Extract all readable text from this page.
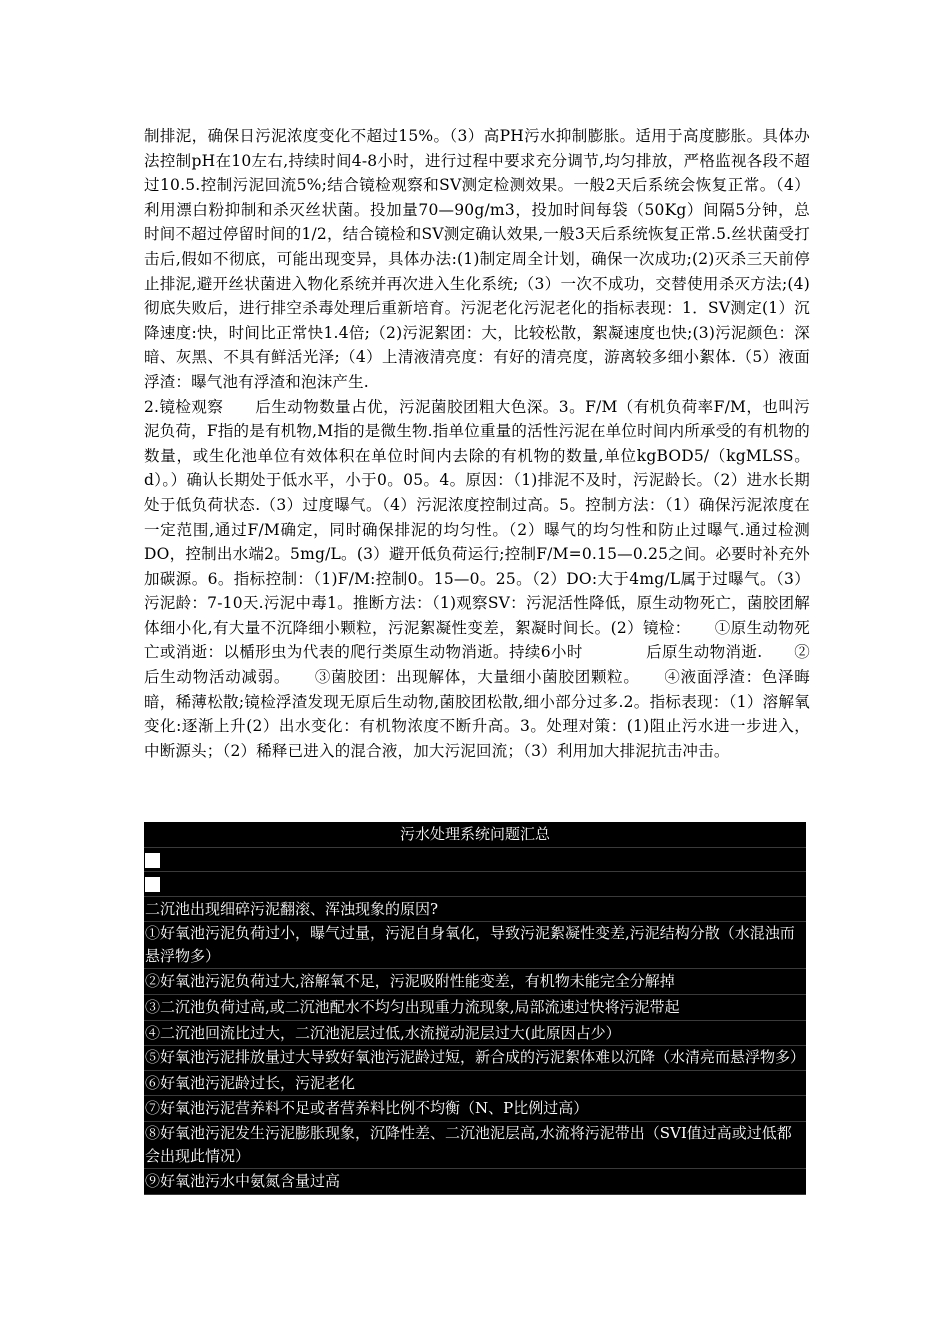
制排泥，确保日污泥浓度变化不超过15%。（3）高PH污水抑制膨胀。适用于高度膨胀。具体办法控制pH在10左右,持续时间4-8小时，进行过程中要求充分调节,均匀排放，严格监视各段不超过10.5.控制污泥回流5%;结合镜检观察和SV测定检测效果。一般2天后系统会恢复正常。（4）利用漂白粉抑制和杀灭丝状菌。投加量70—90g/m3，投加时间每袋（50Kg）间隔5分钟，总时间不超过停留时间的1/2，结合镜检和SV测定确认效果,一般3天后系统恢复正常.5.丝状菌受打击后,假如不彻底，可能出现变异，具体办法:(1)制定周全计划，确保一次成功;(2)灭杀三天前停止排泥,避开丝状菌进入物化系统并再次进入生化系统;（3）一次不成功，交替使用杀灭方法;(4)彻底失败后，进行排空杀毒处理后重新培育。污泥老化污泥老化的指标表现：1．SV测定(1）沉降速度:快，时间比正常快1.4倍;（2)污泥絮团：大，比较松散，絮凝速度也快;(3)污泥颜色：深暗、灰黑、不具有鲜活光泽;（4）上清液清亮度：有好的清亮度，游离较多细小絮体.（5）液面浮渣：曝气池有浮渣和泡沫产生.

2.镜检观察　　后生动物数量占优，污泥菌胶团粗大色深。3。F/M（有机负荷率F/M，也叫污泥负荷，F指的是有机物,M指的是微生物.指单位重量的活性污泥在单位时间内所承受的有机物的数量，或生化池单位有效体积在单位时间内去除的有机物的数量,单位kgBOD5/（kgMLSS。d）。）确认长期处于低水平，小于0。05。4。原因：（1)排泥不及时，污泥龄长。（2）进水长期处于低负荷状态.（3）过度曝气。（4）污泥浓度控制过高。5。控制方法：（1）确保污泥浓度在一定范围,通过F/M确定，同时确保排泥的均匀性。（2）曝气的均匀性和防止过曝气.通过检测DO，控制出水端2。5mg/L。(3）避开低负荷运行;控制F/M=0.15—0.25之间。必要时补充外加碳源。6。指标控制：（1)F/M:控制0。15—0。25。（2）DO:大于4mg/L属于过曝气。（3）污泥龄：7-10天.污泥中毒1。推断方法：（1)观察SV：污泥活性降低，原生动物死亡，菌胶团解体细小化,有大量不沉降细小颗粒，污泥絮凝性变差，絮凝时间长。(2）镜检：　　①原生动物死亡或消逝：以楯形虫为代表的爬行类原生动物消逝。持续6小时　　　　后原生动物消逝.　　②后生动物活动减弱。　　③菌胶团：出现解体，大量细小菌胶团颗粒。　　④液面浮渣：色泽晦暗，稀薄松散;镜检浮渣发现无原后生动物,菌胶团松散,细小部分过多.2。指标表现：（1）溶解氧变化:逐渐上升(2）出水变化：有机物浓度不断升高。3。处理对策：(1)阻止污水进一步进入，中断源头；（2）稀释已进入的混合液，加大污泥回流；（3）利用加大排泥抗击冲击。

污水处理系统问题汇总
二沉池出现细碎污泥翻滚、浑浊现象的原因?
①好氧池污泥负荷过小，曝气过量，污泥自身氧化，导致污泥絮凝性变差,污泥结构分散（水混浊而悬浮物多）
②好氧池污泥负荷过大,溶解氧不足，污泥吸附性能变差，有机物未能完全分解掉
③二沉池负荷过高,或二沉池配水不均匀出现重力流现象,局部流速过快将污泥带起
④二沉池回流比过大，二沉池泥层过低,水流搅动泥层过大(此原因占少）
⑤好氧池污泥排放量过大导致好氧池污泥龄过短，新合成的污泥絮体难以沉降（水清亮而悬浮物多）
⑥好氧池污泥龄过长，污泥老化
⑦好氧池污泥营养料不足或者营养料比例不均衡（N、P比例过高）
⑧好氧池污泥发生污泥膨胀现象，沉降性差、二沉池泥层高,水流将污泥带出（SVI值过高或过低都会出现此情况）
⑨好氧池污水中氨氮含量过高
